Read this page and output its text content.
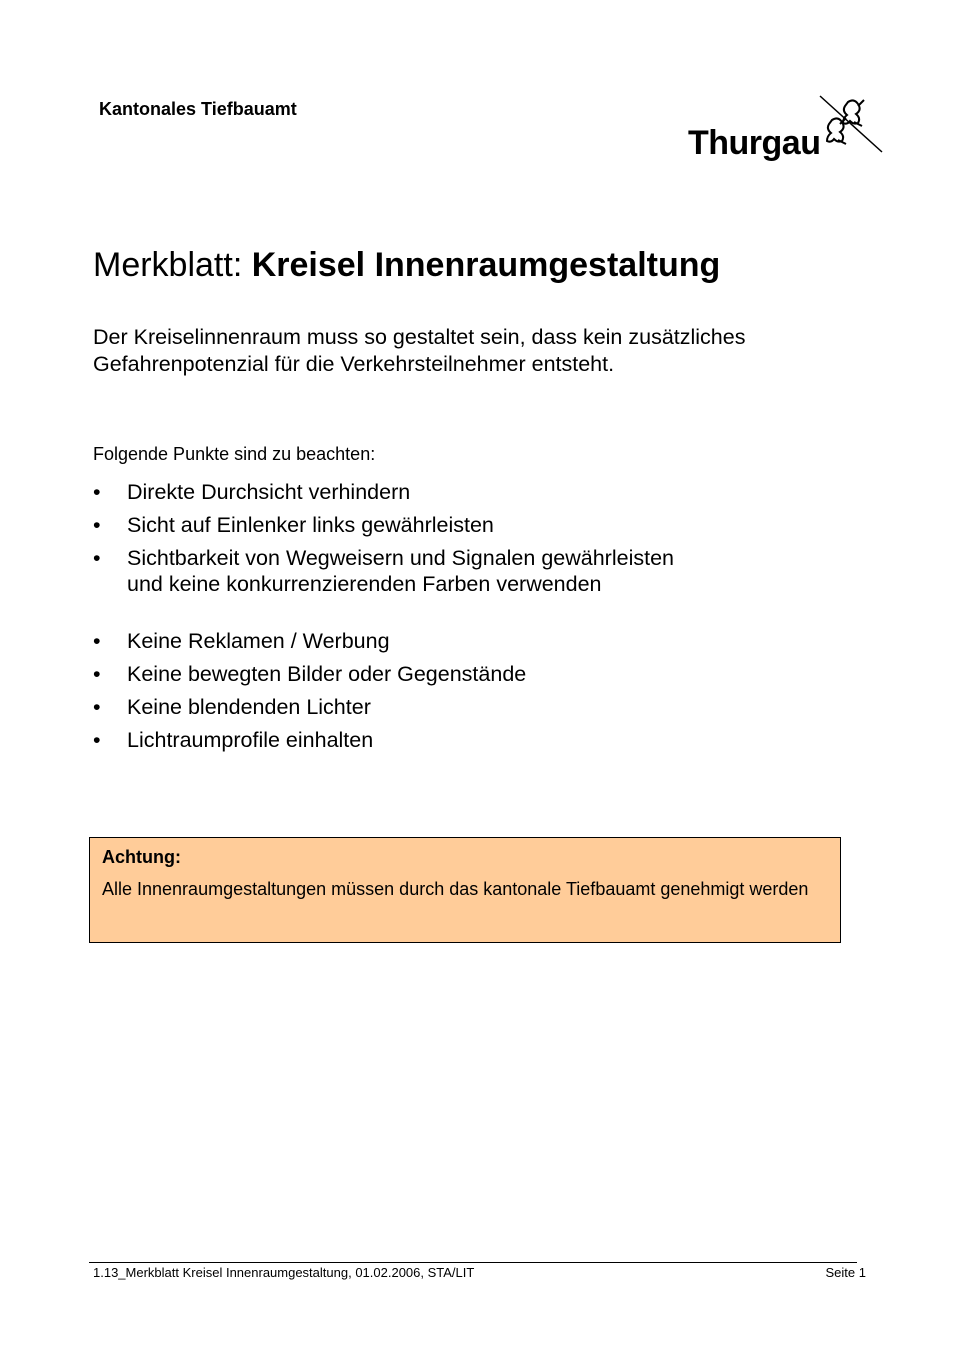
Kantonales Tiefbauamt
Thurgau
Merkblatt: Kreisel Innenraumgestaltung
Der Kreiselinnenraum muss so gestaltet sein, dass kein zusätzliches
Gefahrenpotenzial für die Verkehrsteilnehmer entsteht.
Folgende Punkte sind zu beachten:
• Direkte Durchsicht verhindern
• Sicht auf Einlenker links gewährleisten
• Sichtbarkeit von Wegweisern und Signalen gewährleisten
und keine konkurrenzierenden Farben verwenden
• Keine Reklamen / Werbung
• Keine bewegten Bilder oder Gegenstände
• Keine blendenden Lichter
• Lichtraumprofile einhalten
Achtung:
Alle Innenraumgestaltungen müssen durch das kantonale Tiefbauamt genehmigt werden
1.13_Merkblatt Kreisel Innenraumgestaltung, 01.02.2006, STA/LIT	Seite 1
